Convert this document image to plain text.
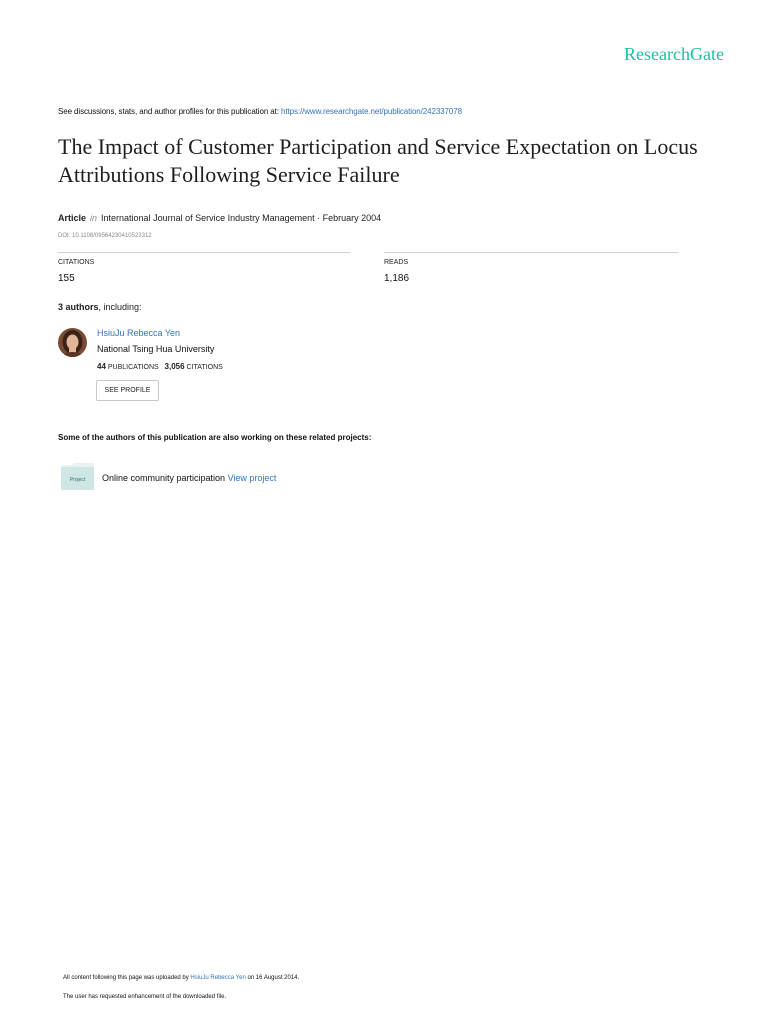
ResearchGate
See discussions, stats, and author profiles for this publication at: https://www.researchgate.net/publication/242337078
The Impact of Customer Participation and Service Expectation on Locus Attributions Following Service Failure
Article in International Journal of Service Industry Management · February 2004
DOI: 10.1108/09564230410523312
CITATIONS
155
READS
1,186
3 authors, including:
HsiuJu Rebecca Yen
National Tsing Hua University
44 PUBLICATIONS 3,056 CITATIONS
SEE PROFILE
Some of the authors of this publication are also working on these related projects:
Project Online community participation View project
All content following this page was uploaded by HsiuJu Rebecca Yen on 16 August 2014.
The user has requested enhancement of the downloaded file.
